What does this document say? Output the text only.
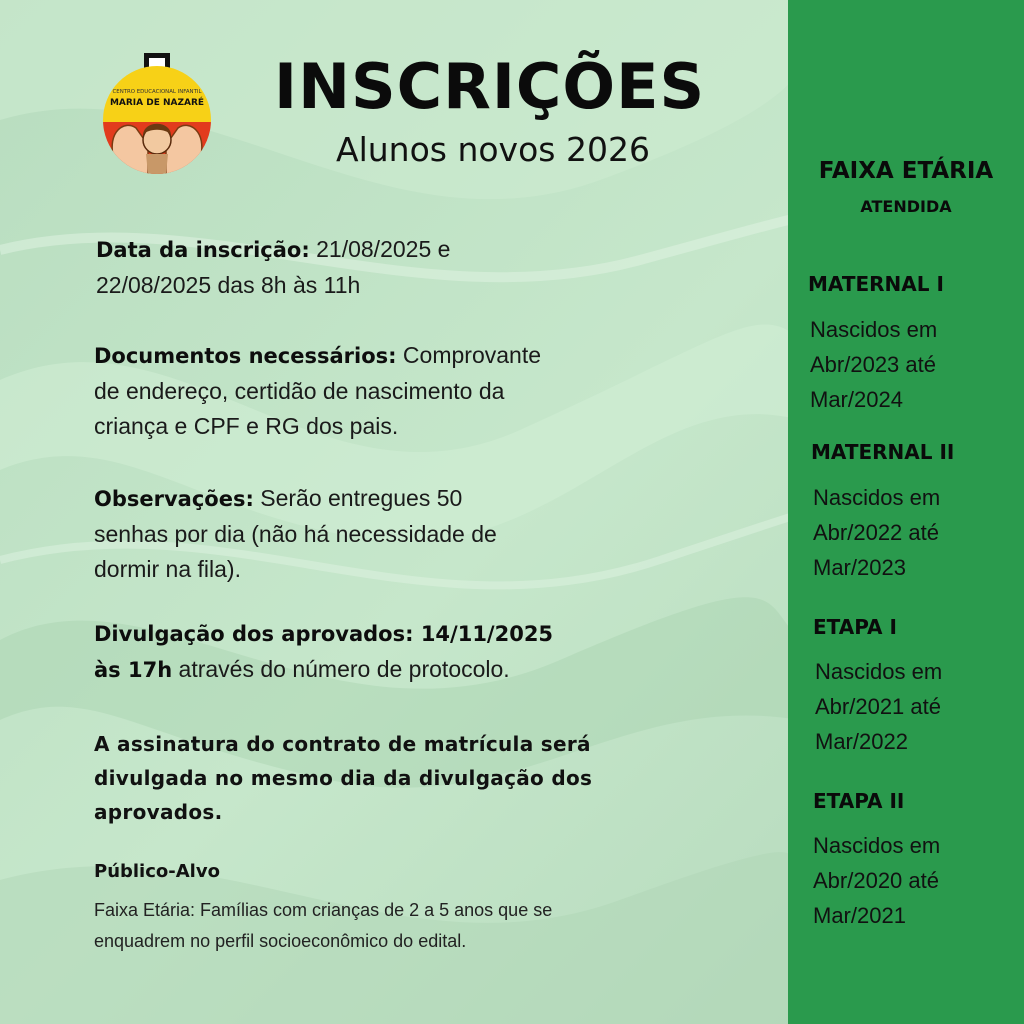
CENTRO EDUCACIONAL INFANTIL
MARIA DE NAZARÉ INSCRIÇÕES
Alunos novos 2026
Data da inscrição: 21/08/2025 e
22/08/2025 das 8h às 11h
Documentos necessários: Comprovante
de endereço, certidão de nascimento da
criança e CPF e RG dos pais.
Observações: Serão entregues 50
senhas por dia (não há necessidade de
dormir na fila).
Divulgação dos aprovados: 14/11/2025
às 17h através do número de protocolo.
A assinatura do contrato de matrícula será
divulgada no mesmo dia da divulgação dos
aprovados.
Público-Alvo
Faixa Etária: Famílias com crianças de 2 a 5 anos que se
enquadrem no perfil socioeconômico do edital.
FAIXA ETÁRIA
ATENDIDA
MATERNAL I
Nascidos em
Abr/2023 até
Mar/2024
MATERNAL II
Nascidos em
Abr/2022 até
Mar/2023
ETAPA I
Nascidos em
Abr/2021 até
Mar/2022
ETAPA II
Nascidos em
Abr/2020 até
Mar/2021
